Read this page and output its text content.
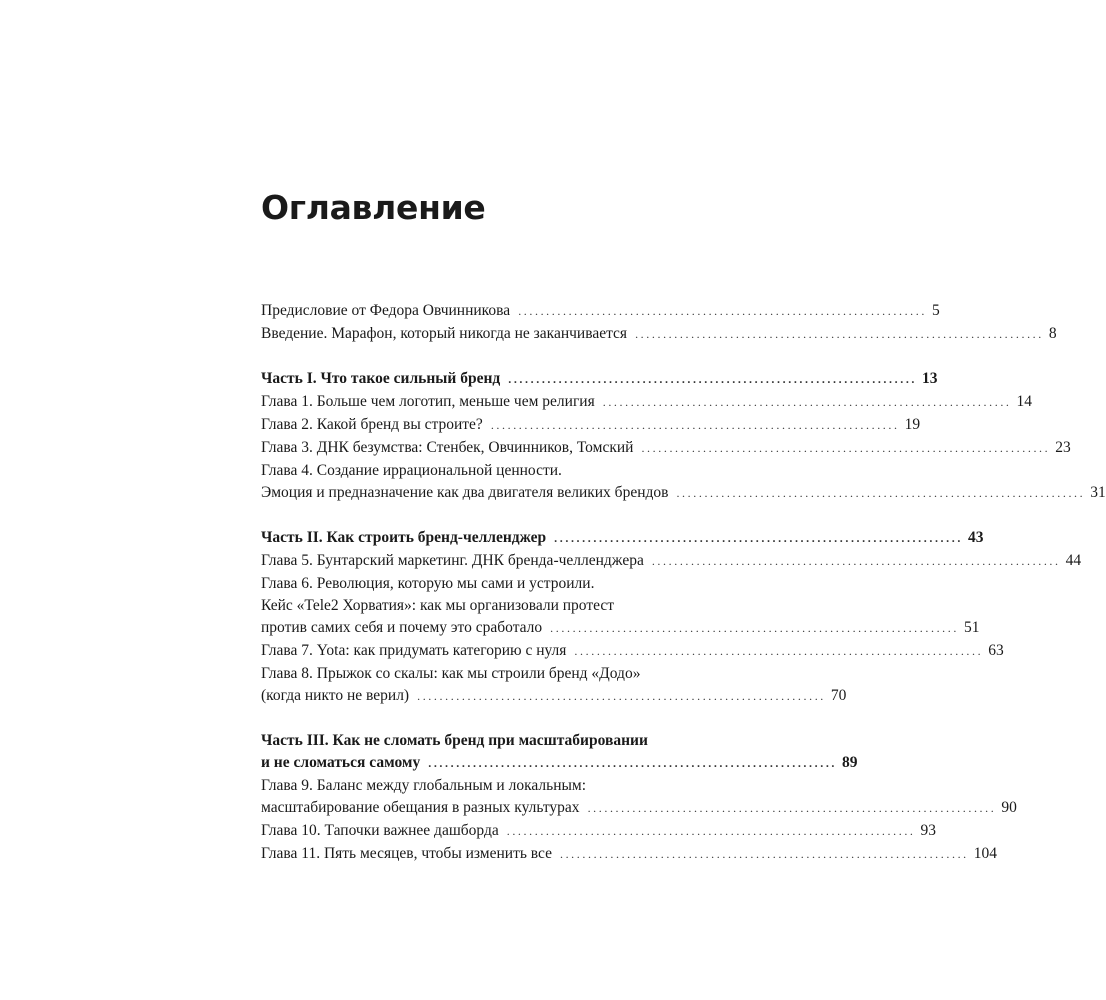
Оглавление
Предисловие от Федора Овчинникова ......................................................................... 5
Введение. Марафон, который никогда не заканчивается ......................................................................... 8
Часть I. Что такое сильный бренд ......................................................................... 13
Глава 1. Больше чем логотип, меньше чем религия ......................................................................... 14
Глава 2. Какой бренд вы строите? ......................................................................... 19
Глава 3. ДНК безумства: Стенбек, Овчинников, Томский ......................................................................... 23
Глава 4. Создание иррациональной ценности.
Эмоция и предназначение как два двигателя великих брендов ......................................................................... 31
Часть II. Как строить бренд-челленджер ......................................................................... 43
Глава 5. Бунтарский маркетинг. ДНК бренда-челленджера ......................................................................... 44
Глава 6. Революция, которую мы сами и устроили.
Кейс «Tele2 Хорватия»: как мы организовали протест
против самих себя и почему это сработало ......................................................................... 51
Глава 7. Yota: как придумать категорию с нуля ......................................................................... 63
Глава 8. Прыжок со скалы: как мы строили бренд «Додо»
(когда никто не верил) ......................................................................... 70
Часть III. Как не сломать бренд при масштабировании
и не сломаться самому ......................................................................... 89
Глава 9. Баланс между глобальным и локальным:
масштабирование обещания в разных культурах ......................................................................... 90
Глава 10. Тапочки важнее дашборда ......................................................................... 93
Глава 11. Пять месяцев, чтобы изменить все ......................................................................... 104
